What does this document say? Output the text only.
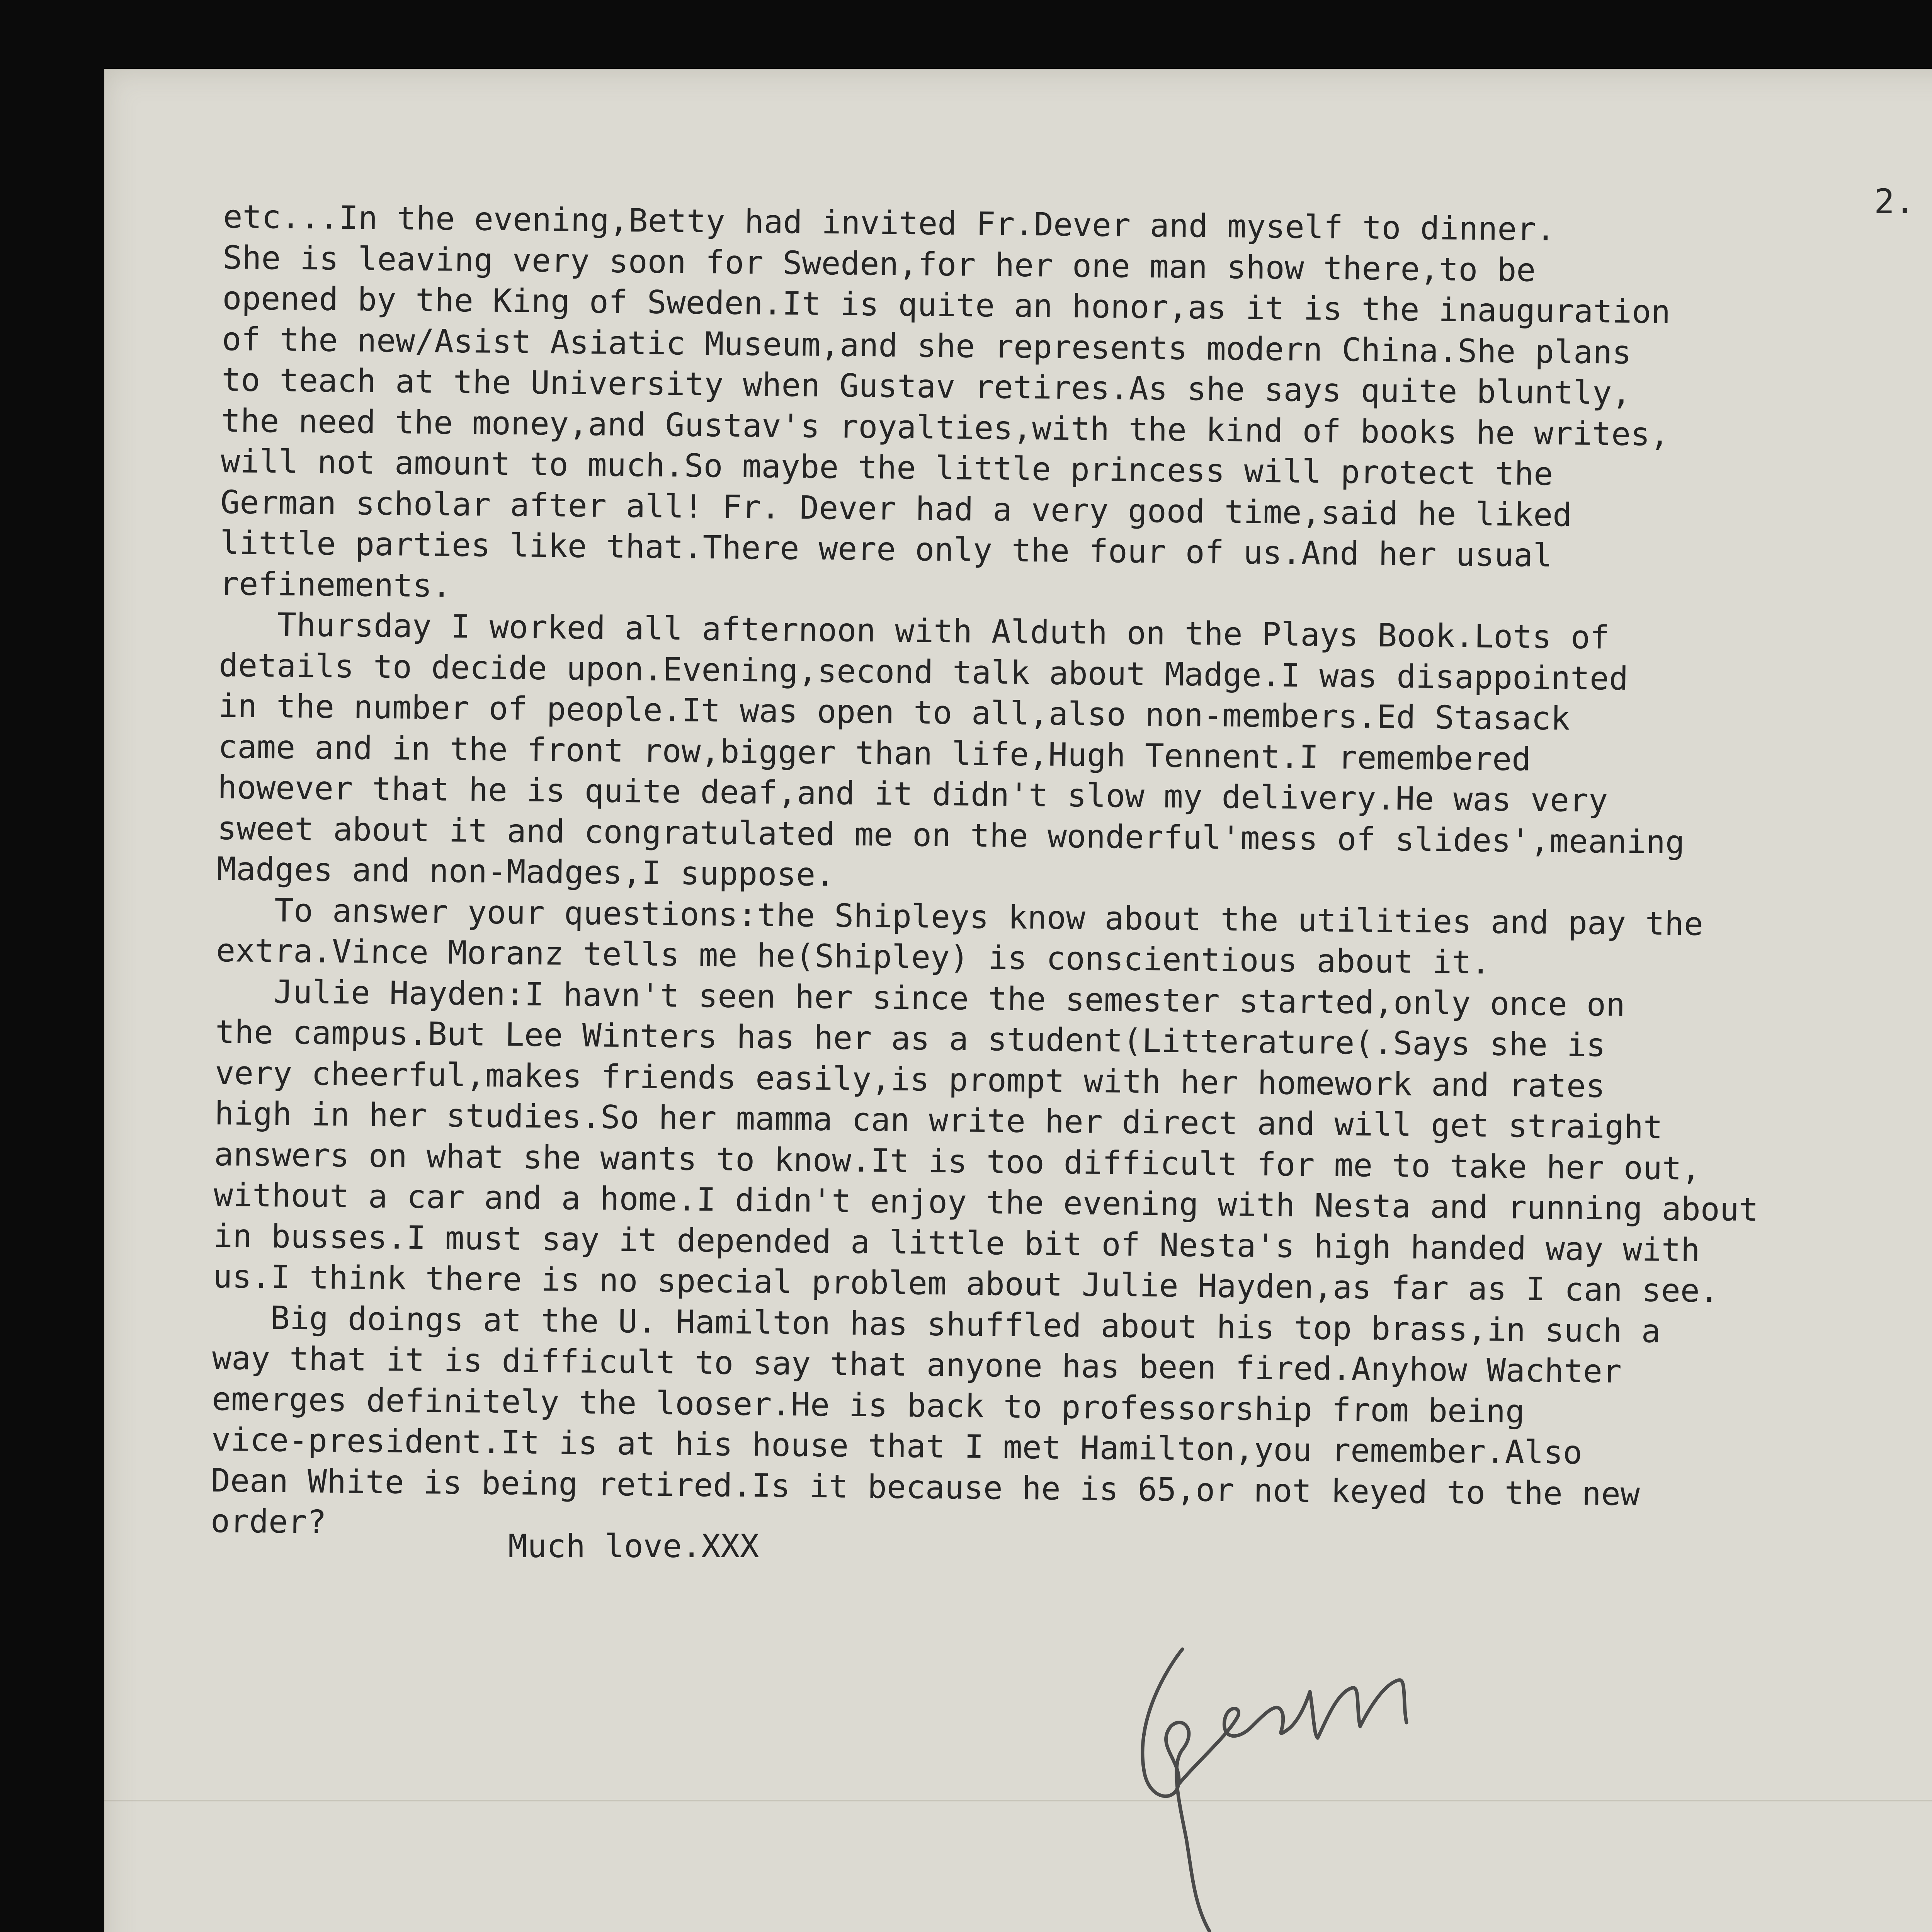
2.
etc...In the evening,Betty had invited Fr.Dever and myself to dinner.
She is leaving very soon for Sweden,for her one man show there,to be
opened by the King of Sweden.It is quite an honor,as it is the inauguration
of the new/Asist Asiatic Museum,and she represents modern China.She plans
to teach at the University when Gustav retires.As she says quite bluntly,
the need the money,and Gustav's royalties,with the kind of books he writes,
will not amount to much.So maybe the little princess will protect the
German scholar after all! Fr. Dever had a very good time,said he liked
little parties like that.There were only the four of us.And her usual
refinements.
Thursday I worked all afternoon with Alduth on the Plays Book.Lots of
details to decide upon.Evening,second talk about Madge.I was disappointed
in the number of people.It was open to all,also non-members.Ed Stasack
came and in the front row,bigger than life,Hugh Tennent.I remembered
however that he is quite deaf,and it didn't slow my delivery.He was very
sweet about it and congratulated me on the wonderful'mess of slides',meaning
Madges and non-Madges,I suppose.
To answer your questions:the Shipleys know about the utilities and pay the
extra.Vince Moranz tells me he(Shipley) is conscientious about it.
Julie Hayden:I havn't seen her since the semester started,only once on
the campus.But Lee Winters has her as a student(Litterature(.Says she is
very cheerful,makes friends easily,is prompt with her homework and rates
high in her studies.So her mamma can write her direct and will get straight
answers on what she wants to know.It is too difficult for me to take her out,
without a car and a home.I didn't enjoy the evening with Nesta and running about
in busses.I must say it depended a little bit of Nesta's high handed way with
us.I think there is no special problem about Julie Hayden,as far as I can see.
Big doings at the U. Hamilton has shuffled about his top brass,in such a
way that it is difficult to say that anyone has been fired.Anyhow Wachter
emerges definitely the looser.He is back to professorship from being
vice-president.It is at his house that I met Hamilton,you remember.Also
Dean White is being retired.Is it because he is 65,or not keyed to the new
order?
Much love.XXX
